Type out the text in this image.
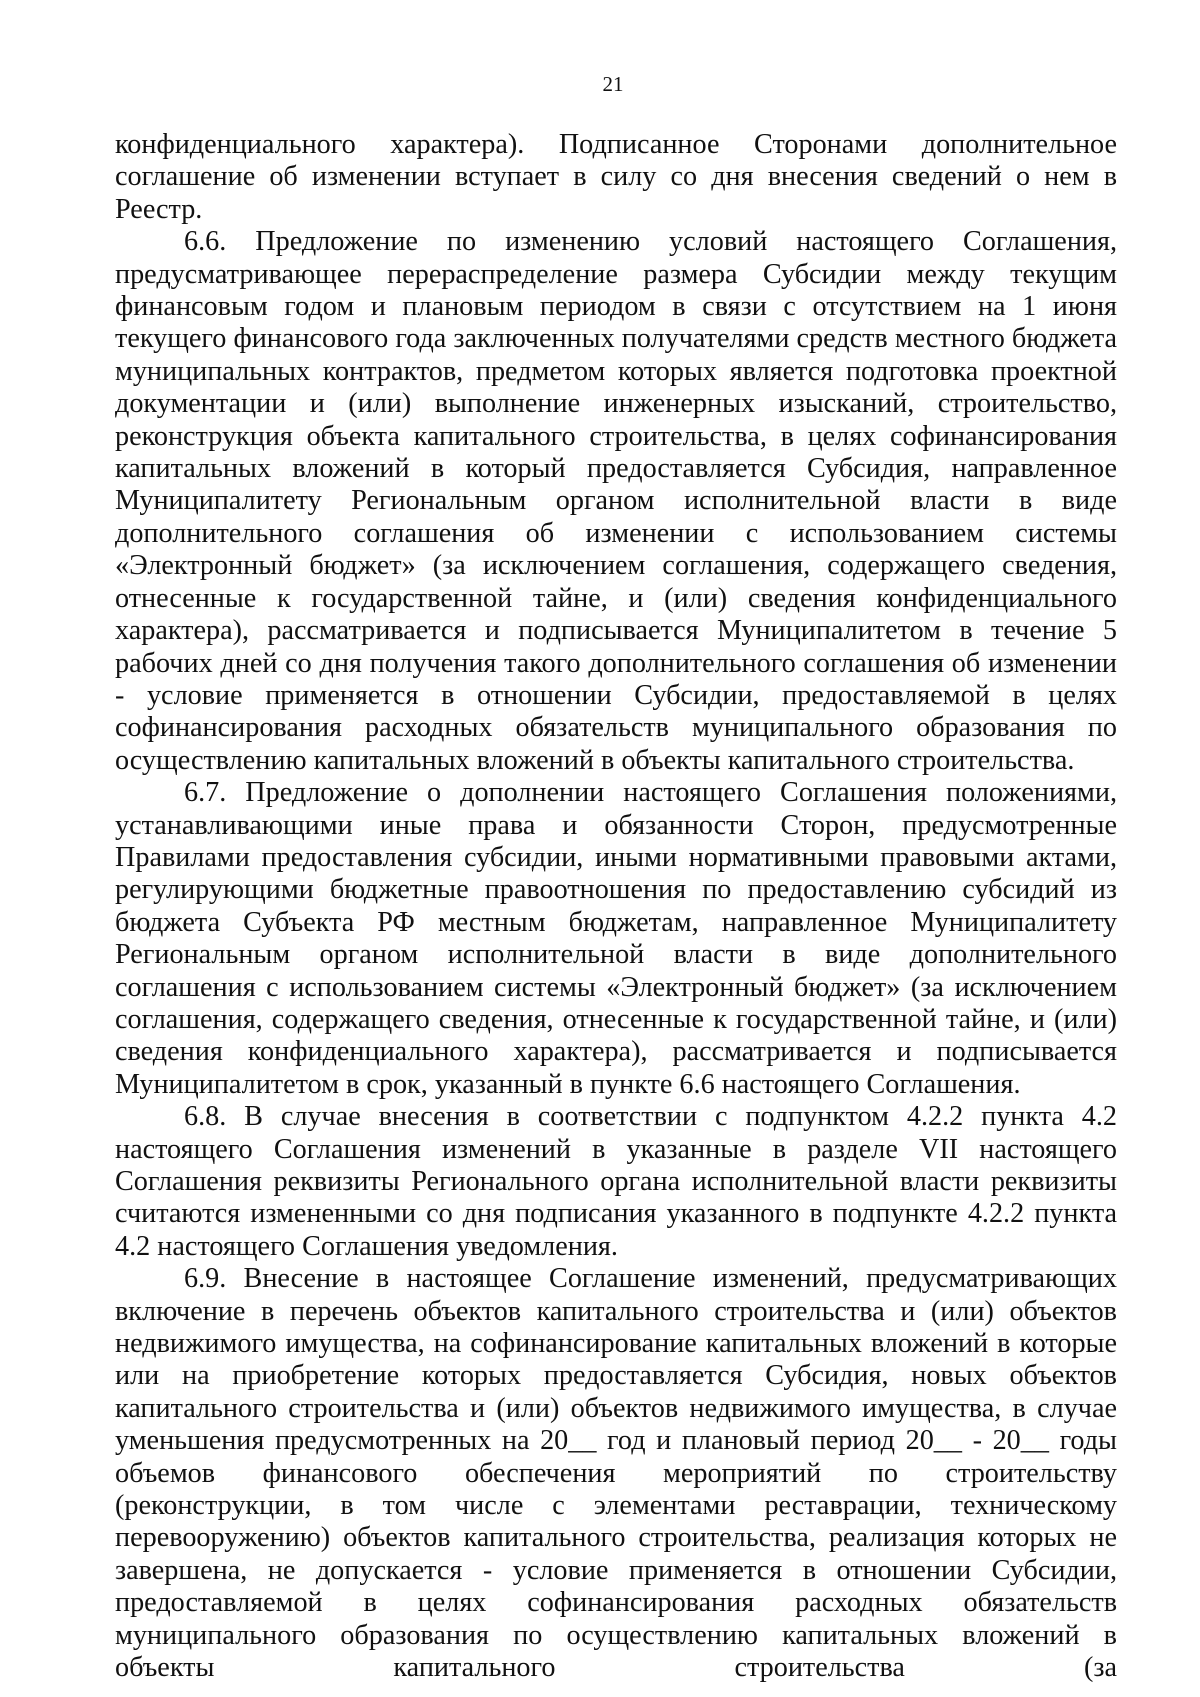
21

конфиденциального характера). Подписанное Сторонами дополнительное соглашение об изменении вступает в силу со дня внесения сведений о нем в Реестр.

6.6. Предложение по изменению условий настоящего Соглашения, предусматривающее перераспределение размера Субсидии между текущим финансовым годом и плановым периодом в связи с отсутствием на 1 июня текущего финансового года заключенных получателями средств местного бюджета муниципальных контрактов, предметом которых является подготовка проектной документации и (или) выполнение инженерных изысканий, строительство, реконструкция объекта капитального строительства, в целях софинансирования капитальных вложений в который предоставляется Субсидия, направленное Муниципалитету Региональным органом исполнительной власти в виде дополнительного соглашения об изменении с использованием системы «Электронный бюджет» (за исключением соглашения, содержащего сведения, отнесенные к государственной тайне, и (или) сведения конфиденциального характера), рассматривается и подписывается Муниципалитетом в течение 5 рабочих дней со дня получения такого дополнительного соглашения об изменении - условие применяется в отношении Субсидии, предоставляемой в целях софинансирования расходных обязательств муниципального образования по осуществлению капитальных вложений в объекты капитального строительства.

6.7. Предложение о дополнении настоящего Соглашения положениями, устанавливающими иные права и обязанности Сторон, предусмотренные Правилами предоставления субсидии, иными нормативными правовыми актами, регулирующими бюджетные правоотношения по предоставлению субсидий из бюджета Субъекта РФ местным бюджетам, направленное Муниципалитету Региональным органом исполнительной власти в виде дополнительного соглашения с использованием системы «Электронный бюджет» (за исключением соглашения, содержащего сведения, отнесенные к государственной тайне, и (или) сведения конфиденциального характера), рассматривается и подписывается Муниципалитетом в срок, указанный в пункте 6.6 настоящего Соглашения.

6.8. В случае внесения в соответствии с подпунктом 4.2.2 пункта 4.2 настоящего Соглашения изменений в указанные в разделе VII настоящего Соглашения реквизиты Регионального органа исполнительной власти реквизиты считаются измененными со дня подписания указанного в подпункте 4.2.2 пункта 4.2 настоящего Соглашения уведомления.

6.9. Внесение в настоящее Соглашение изменений, предусматривающих включение в перечень объектов капитального строительства и (или) объектов недвижимого имущества, на софинансирование капитальных вложений в которые или на приобретение которых предоставляется Субсидия, новых объектов капитального строительства и (или) объектов недвижимого имущества, в случае уменьшения предусмотренных на 20__ год и плановый период 20__ - 20__ годы объемов финансового обеспечения мероприятий по строительству (реконструкции, в том числе с элементами реставрации, техническому перевооружению) объектов капитального строительства, реализация которых не завершена, не допускается - условие применяется в отношении Субсидии, предоставляемой в целях софинансирования расходных обязательств муниципального образования по осуществлению капитальных вложений в объекты капитального строительства (за
